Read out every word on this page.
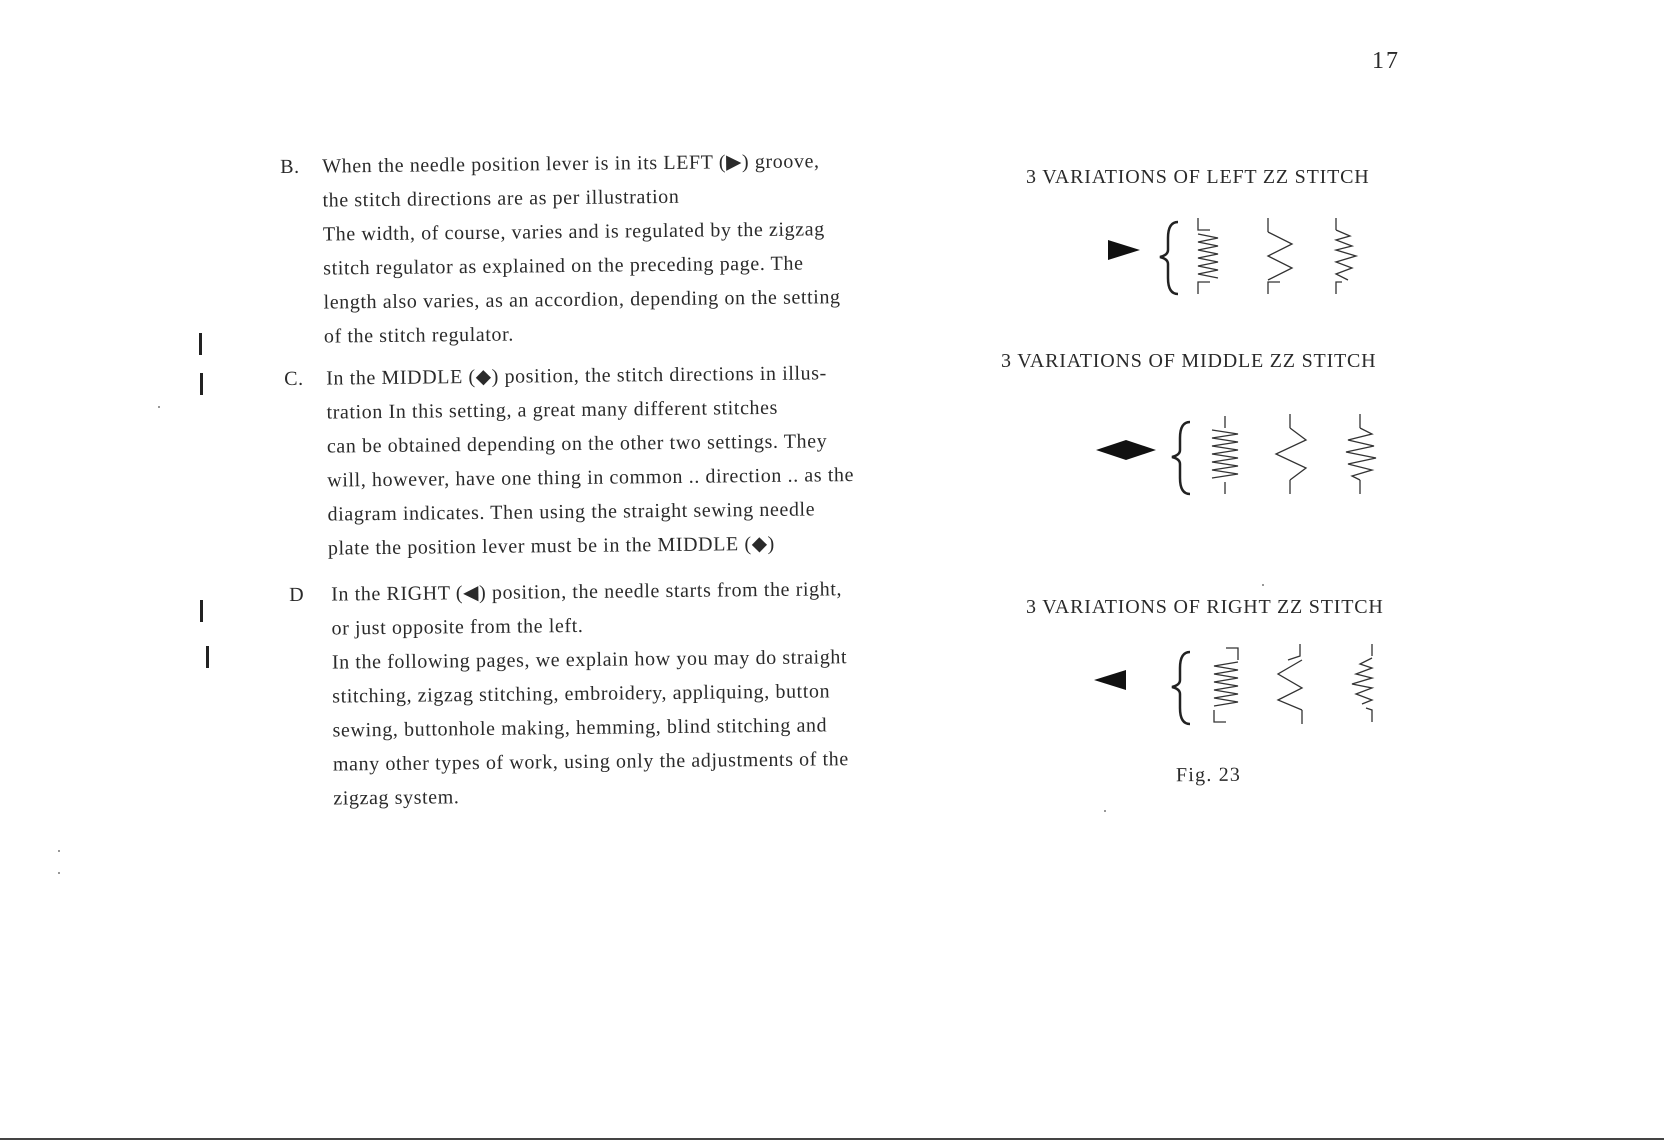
17
B.	When the needle position lever is in its LEFT (▶) groove,
the stitch directions are as per illustration
The width, of course, varies and is regulated by the zigzag
stitch regulator as explained on the preceding page. The
length also varies, as an accordion, depending on the setting
of the stitch regulator.
C.	In the MIDDLE (◆) position, the stitch directions in illus-
tration In this setting, a great many different stitches
can be obtained depending on the other two settings. They
will, however, have one thing in common .. direction .. as the
diagram indicates. Then using the straight sewing needle
plate the position lever must be in the MIDDLE (◆)
D	In the RIGHT (◀) position, the needle starts from the right,
or just opposite from the left.
In the following pages, we explain how you may do straight
stitching, zigzag stitching, embroidery, appliquing, button
sewing, buttonhole making, hemming, blind stitching and
many other types of work, using only the adjustments of the
zigzag system.
3 VARIATIONS OF LEFT ZZ STITCH
3 VARIATIONS OF MIDDLE ZZ STITCH
3 VARIATIONS OF RIGHT ZZ STITCH
Fig. 23
